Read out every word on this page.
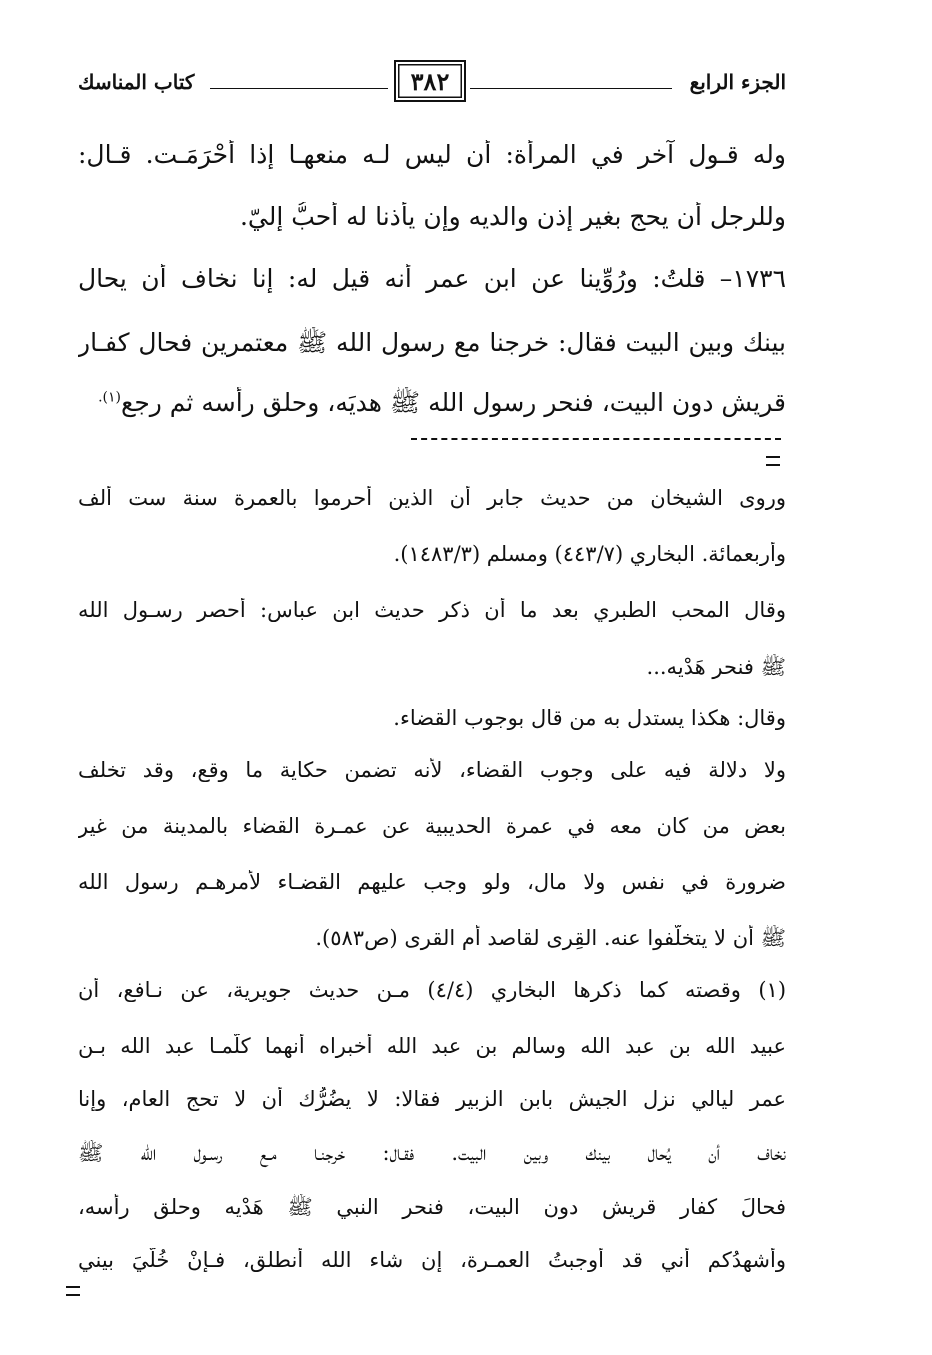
الجزء الرابع
٣٨٢
كتاب المناسك
وله قـول آخر في المرأة: أن ليس لـه منعهـا إذا أحْرَمَـت. قـال:
وللرجل أن يحج بغير إذن والديه وإن يأذنا له أحبُّ إليّ.
١٧٣٦– قلتُ: ورُوِّينا عن ابن عمر أنه قيل له: إنا نخاف أن يحال
بينك وبين البيت فقال: خرجنا مع رسول الله ﷺ معتمرين فحال كفـار
قريش دون البيت، فنحر رسول الله ﷺ هديَه، وحلق رأسه ثم رجع$^{(١).}$
وروى الشيخان من حديث جابر أن الذين أحرموا بالعمرة سنة ست ألف
وأربعمائة. البخاري (٤٤٣/٧) ومسلم (١٤٨٣/٣).
وقال المحب الطبري بعد ما أن ذكر حديث ابن عباس: أحصر رسـول الله
ﷺ فنحر هَدْيه...
وقال: هكذا يستدل به من قال بوجوب القضاء.
ولا دلالة فيه على وجوب القضاء، لأنه تضمن حكاية ما وقع، وقد تخلف
بعض من كان معه في عمرة الحديبية عن عمـرة القضاء بالمدينة من غير
ضرورة في نفس ولا مال، ولو وجب عليهم القضـاء لأمرهـم رسول الله
ﷺ أن لا يتخلّفوا عنه. القِرى لقاصد أم القرى (ص٥٨٣).
(١) وقصته كما ذكرها البخاري (٤/٤) مـن حديث جويرية، عن نـافع، أن
عبيد الله بن عبد الله وسالم بن عبد الله أخبراه أنهما كلّمـا عبد الله بـن
عمر ليالي نزل الجيش بابن الزبير فقالا: لا يضُرُّك أن لا تحج العام، وإنا
نخاف أن يُحال بينك وبين البيت. فقـال: خرجنـا مـع رسـول الله ﷺ
فحالَ كفار قريش دون البيت، فنحر النبي ﷺ هَدْيه وحلق رأسه،
وأشهِدُكم أني قد أوجبتُ العمـرة، إن شاء الله أنطلق، فـإنْ خُلّيَ بيني
